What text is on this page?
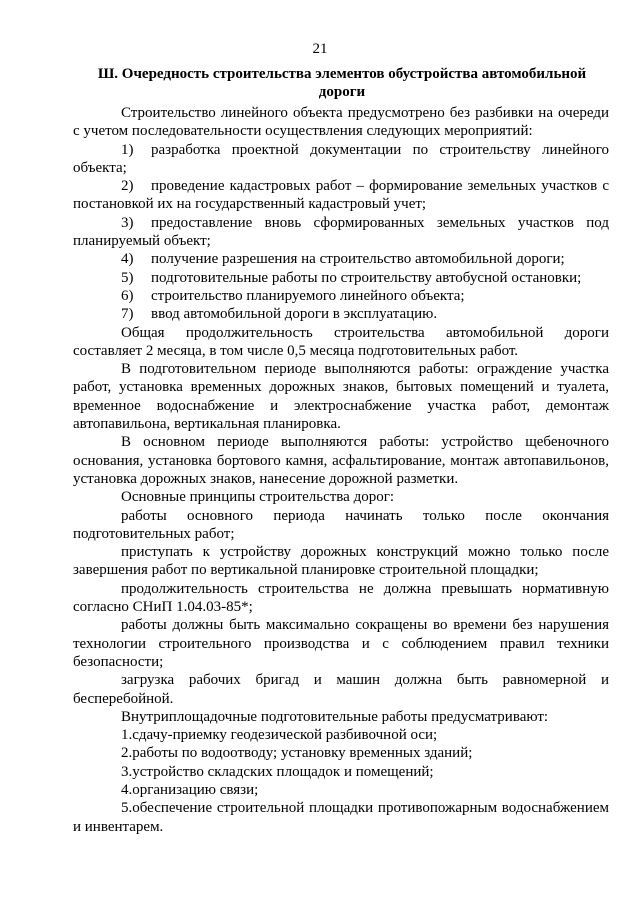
21
Ш. Очередность строительства элементов обустройства автомобильной дороги

Строительство линейного объекта предусмотрено без разбивки на очереди с учетом последовательности осуществления следующих мероприятий:

1) разработка проектной документации по строительству линейного объекта;

2) проведение кадастровых работ – формирование земельных участков с постановкой их на государственный кадастровый учет;

3) предоставление вновь сформированных земельных участков под планируемый объект;

4) получение разрешения на строительство автомобильной дороги;

5) подготовительные работы по строительству автобусной остановки;

6) строительство планируемого линейного объекта;

7) ввод автомобильной дороги в эксплуатацию.

Общая продолжительность строительства автомобильной дороги составляет 2 месяца, в том числе 0,5 месяца подготовительных работ.

В подготовительном периоде выполняются работы: ограждение участка работ, установка временных дорожных знаков, бытовых помещений и туалета, временное водоснабжение и электроснабжение участка работ, демонтаж автопавильона, вертикальная планировка.

В основном периоде выполняются работы: устройство щебеночного основания, установка бортового камня, асфальтирование, монтаж автопавильонов, установка дорожных знаков, нанесение дорожной разметки.

Основные принципы строительства дорог:

работы основного периода начинать только после окончания подготовительных работ;

приступать к устройству дорожных конструкций можно только после завершения работ по вертикальной планировке строительной площадки;

продолжительность строительства не должна превышать нормативную согласно СНиП 1.04.03-85*;

работы должны быть максимально сокращены во времени без нарушения технологии строительного производства и с соблюдением правил техники безопасности;

загрузка рабочих бригад и машин должна быть равномерной и бесперебойной.

Внутриплощадочные подготовительные работы предусматривают:

1.сдачу-приемку геодезической разбивочной оси;

2.работы по водоотводу; установку временных зданий;

3.устройство складских площадок и помещений;

4.организацию связи;

5.обеспечение строительной площадки противопожарным водоснабжением и инвентарем.
